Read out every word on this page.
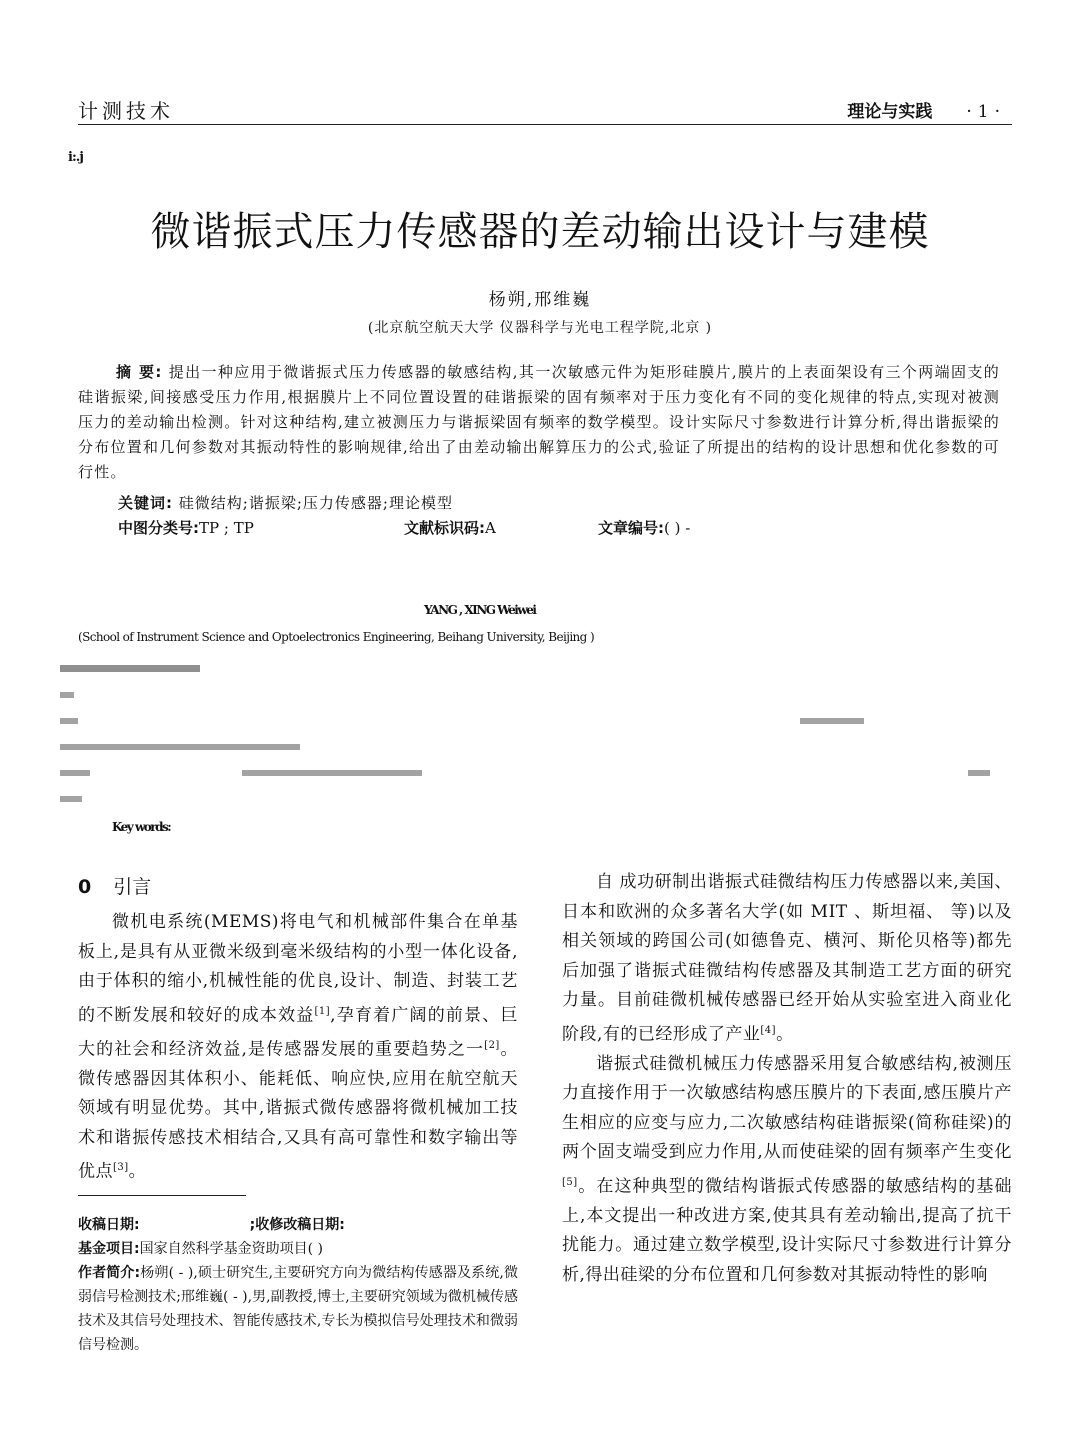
计测技术	理论与实践 ·1·
i:.j
微谐振式压力传感器的差动输出设计与建模
杨朔,邢维巍
(北京航空航天大学 仪器科学与光电工程学院,北京 )
摘 要: 提出一种应用于微谐振式压力传感器的敏感结构,其一次敏感元件为矩形硅膜片,膜片的上表面架设有三个两端固支的硅谐振梁,间接感受压力作用,根据膜片上不同位置设置的硅谐振梁的固有频率对于压力变化有不同的变化规律的特点,实现对被测压力的差动输出检测。针对这种结构,建立被测压力与谐振梁固有频率的数学模型。设计实际尺寸参数进行计算分析,得出谐振梁的分布位置和几何参数对其振动特性的影响规律,给出了由差动输出解算压力的公式,验证了所提出的结构的设计思想和优化参数的可行性。
关键词: 硅微结构;谐振梁;压力传感器;理论模型
中图分类号:TP ; TP	文献标识码:A	文章编号:( ) -
YANG , XING Weiwei
(School of Instrument Science and Optoelectronics Engineering, Beihang University, Beijing )
Key words:
0 引言
微机电系统(MEMS)将电气和机械部件集合在单基板上,是具有从亚微米级到毫米级结构的小型一体化设备,由于体积的缩小,机械性能的优良,设计、制造、封装工艺的不断发展和较好的成本效益[1],孕育着广阔的前景、巨大的社会和经济效益,是传感器发展的重要趋势之一[2]。微传感器因其体积小、能耗低、响应快,应用在航空航天领域有明显优势。其中,谐振式微传感器将微机械加工技术和谐振传感技术相结合,又具有高可靠性和数字输出等优点[3]。
收稿日期:	;收修改稿日期:
基金项目:国家自然科学基金资助项目( )
作者简介:杨朔( - ),硕士研究生,主要研究方向为微结构传感器及系统,微弱信号检测技术;邢维巍( - ),男,副教授,博士,主要研究领域为微机械传感技术及其信号处理技术、智能传感技术,专长为模拟信号处理技术和微弱信号检测。
自 成功研制出谐振式硅微结构压力传感器以来,美国、日本和欧洲的众多著名大学(如 MIT 、斯坦福、 等)以及相关领域的跨国公司(如德鲁克、横河、斯伦贝格等)都先后加强了谐振式硅微结构传感器及其制造工艺方面的研究力量。目前硅微机械传感器已经开始从实验室进入商业化阶段,有的已经形成了产业[4]。
谐振式硅微机械压力传感器采用复合敏感结构,被测压力直接作用于一次敏感结构感压膜片的下表面,感压膜片产生相应的应变与应力,二次敏感结构硅谐振梁(简称硅梁)的两个固支端受到应力作用,从而使硅梁的固有频率产生变化[5]。在这种典型的微结构谐振式传感器的敏感结构的基础上,本文提出一种改进方案,使其具有差动输出,提高了抗干扰能力。通过建立数学模型,设计实际尺寸参数进行计算分析,得出硅梁的分布位置和几何参数对其振动特性的影响
